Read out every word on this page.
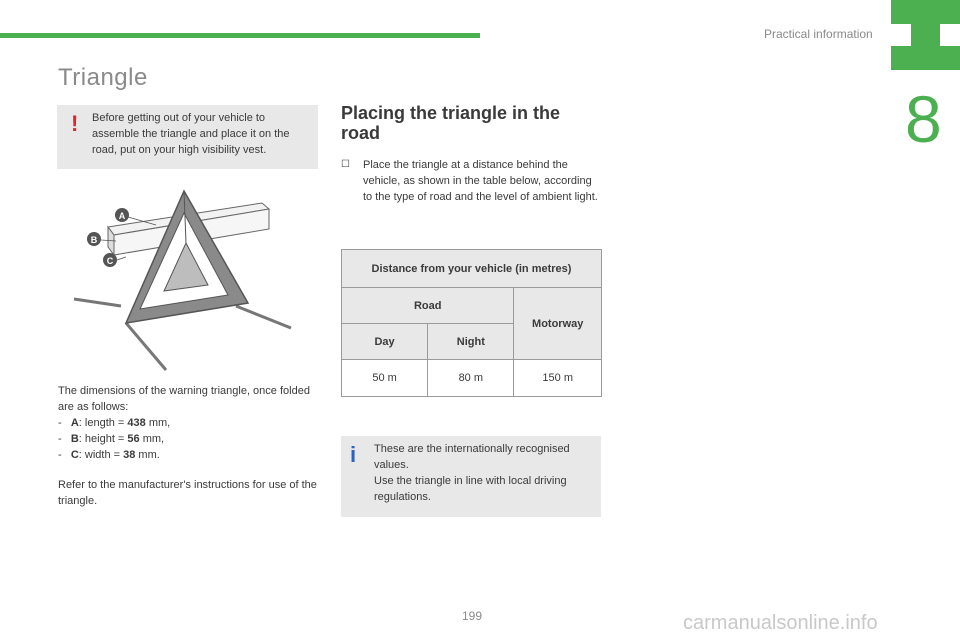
Practical information
8
Triangle
! Before getting out of your vehicle to assemble the triangle and place it on the road, put on your high visibility vest.
A
B
C

The dimensions of the warning triangle, once folded are as follows:

- A: length = 438 mm,
- B: height = 56 mm,
- C: width = 38 mm.
Refer to the manufacturer's instructions for use of the triangle.
Placing the triangle in the road
☐ Place the triangle at a distance behind the vehicle, as shown in the table below, according to the type of road and the level of ambient light.
Distance from your vehicle (in metres)		
Road		Motorway
Day	Night	
50 m	80 m	150 m
i These are the internationally recognised values.
Use the triangle in line with local driving regulations.
199	carmanualsonline.info
